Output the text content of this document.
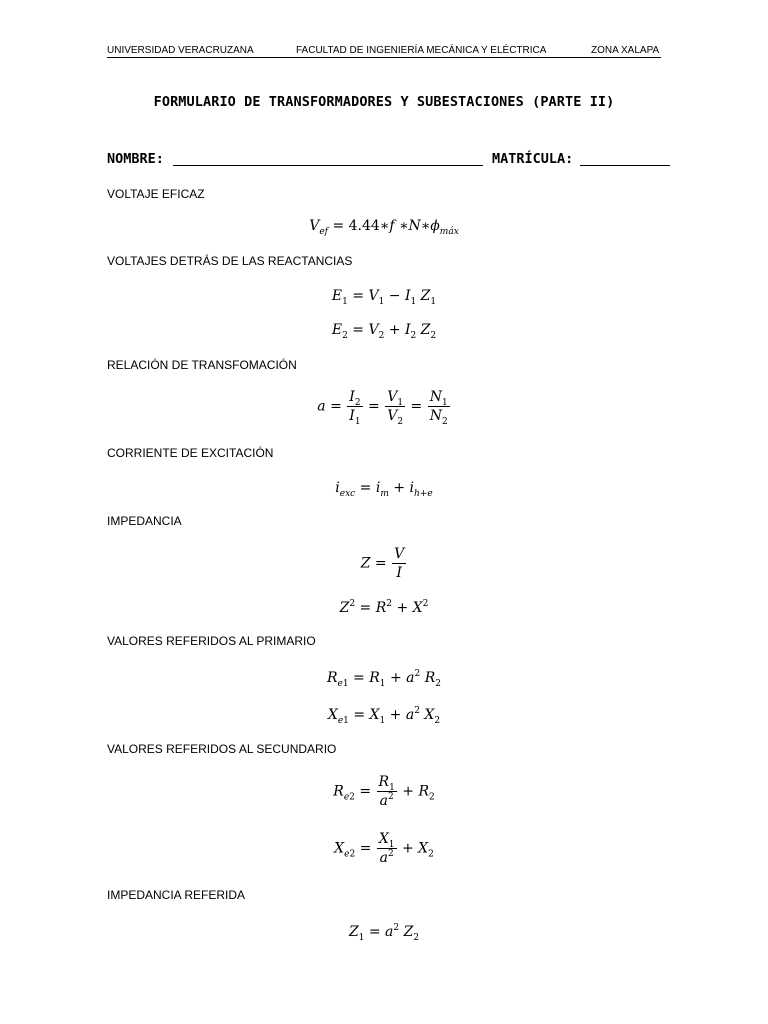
UNIVERSIDAD VERACRUZANA	FACULTAD DE INGENIERÍA MECÁNICA Y ELÉCTRICA	ZONA XALAPA
FORMULARIO DE TRANSFORMADORES Y SUBESTACIONES (PARTE II)
NOMBRE:	MATRÍCULA:
VOLTAJE EFICAZ
$V_{ef}$ = 4.44∗f $∗N∗\phi_{máx}$
VOLTAJES DETRÁS DE LAS REACTANCIAS
$E_1 = V_1 - I_1$ $Z_1$
$E_2 = V_2 + I_2$ $Z_2$
RELACIÓN DE TRANSFOMACIÓN
$a = \frac{I_2}{I_1} = \frac{V_1}{V_2} = \frac{N_1}{N_2}$
CORRIENTE DE EXCITACIÓN
$i_{exc} = i_m + i_{h+e}$
IMPEDANCIA
$Z = \frac{V}{I}$
$Z^2 = R^2 + X^2$
VALORES REFERIDOS AL PRIMARIO
$R_{e1} = R_1 + a^2$ $R_2$
$X_{e1} = X_1 + a^2$ $X_2$
VALORES REFERIDOS AL SECUNDARIO
$R_{e2} = \frac{R_1}{a^2} + R_2$
$X_{e2} = \frac{X_1}{a^2} + X_2$
IMPEDANCIA REFERIDA
$Z_1 = a^2$ $Z_2$
